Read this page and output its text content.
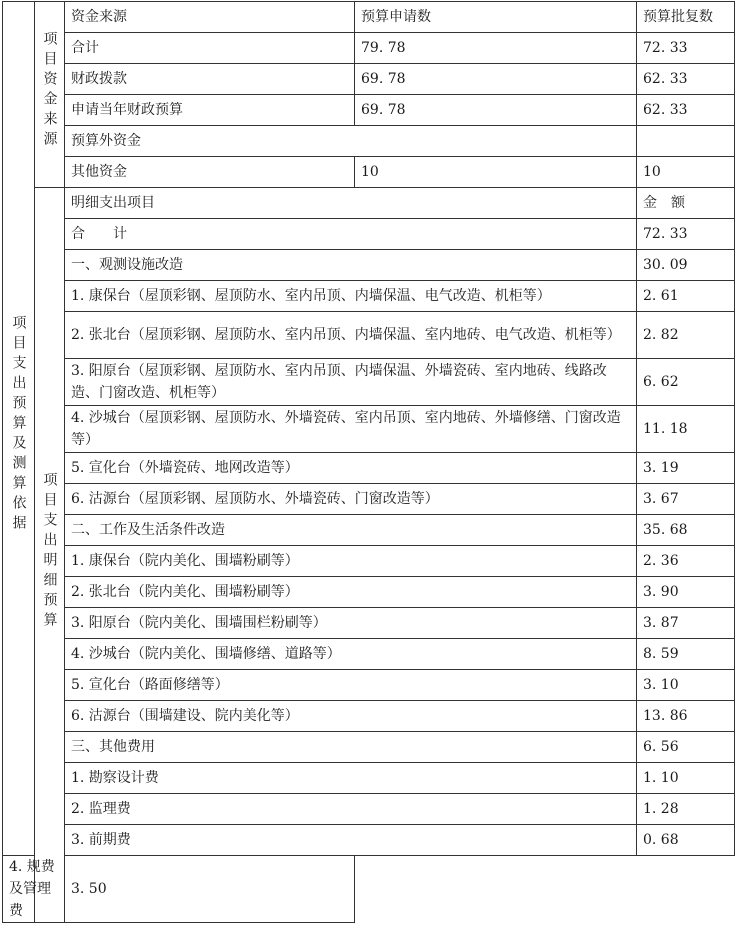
项目支出预算及测算依据	项目资金来源	资金来源	预算申请数	预算批复数
		合计	79. 78	72. 33
		财政拨款	69. 78	62. 33
		申请当年财政预算	69. 78	62. 33
		预算外资金		
		其他资金	10	10
	项目支出明细预算	明细支出项目		金　额
		合　　计		72. 33
		一、观测设施改造		30. 09
		1. 康保台（屋顶彩钢、屋顶防水、室内吊顶、内墙保温、电气改造、机柜等）		2. 61
		2. 张北台（屋顶彩钢、屋顶防水、室内吊顶、内墙保温、室内地砖、电气改造、机柜等）		2. 82
		3. 阳原台（屋顶彩钢、屋顶防水、室内吊顶、内墙保温、外墙瓷砖、室内地砖、线路改造、门窗改造、机柜等）		6. 62
		4. 沙城台（屋顶彩钢、屋顶防水、外墙瓷砖、室内吊顶、室内地砖、外墙修缮、门窗改造等）		11. 18
		5. 宣化台（外墙瓷砖、地网改造等）		3. 19
		6. 沽源台（屋顶彩钢、屋顶防水、外墙瓷砖、门窗改造等）		3. 67
		二、工作及生活条件改造		35. 68
		1. 康保台（院内美化、围墙粉刷等）		2. 36
		2. 张北台（院内美化、围墙粉刷等）		3. 90
		3. 阳原台（院内美化、围墙围栏粉刷等）		3. 87
		4. 沙城台（院内美化、围墙修缮、道路等）		8. 59
		5. 宣化台（路面修缮等）		3. 10
		6. 沽源台（围墙建设、院内美化等）		13. 86
		三、其他费用		6. 56
		1. 勘察设计费		1. 10
		2. 监理费		1. 28
		3. 前期费		0. 68
4. 规费及管理费		3. 50		
